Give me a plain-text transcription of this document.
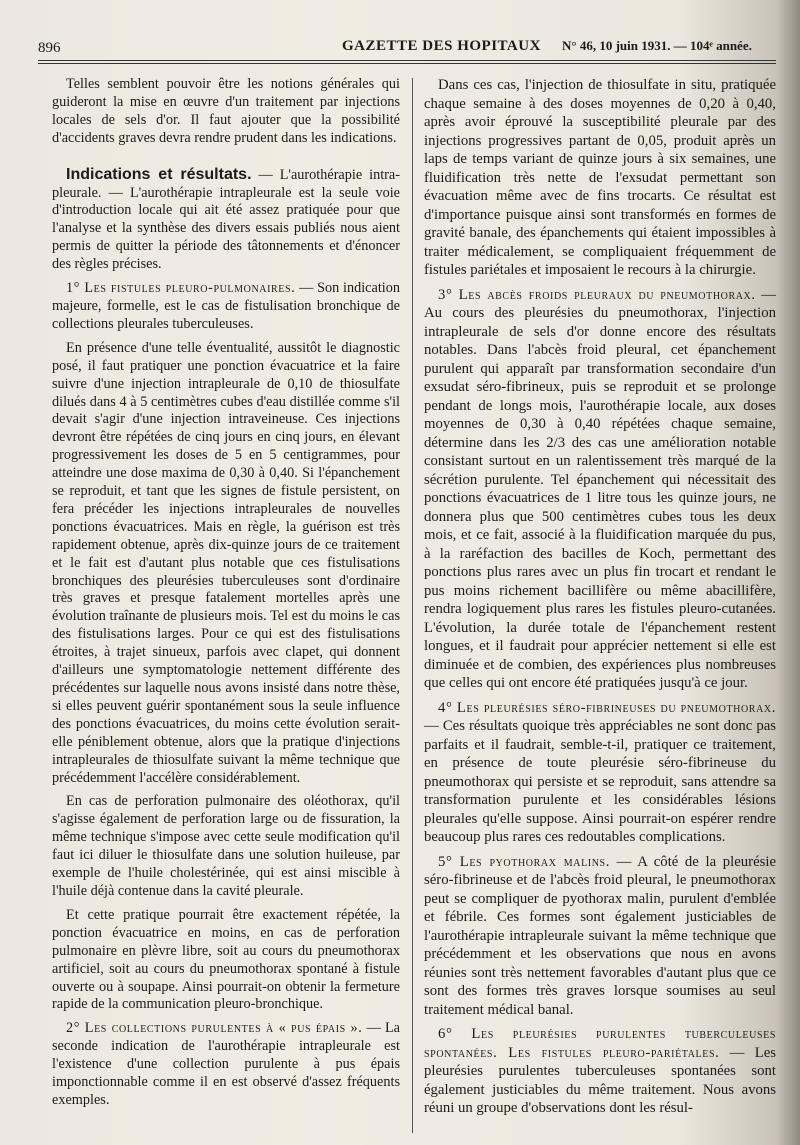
896	GAZETTE DES HOPITAUX N° 46, 10 juin 1931. — 104ᵉ année.

Telles semblent pouvoir être les notions générales qui guideront la mise en œuvre d'un traitement par injections locales de sels d'or. Il faut ajouter que la possibilité d'accidents graves devra rendre prudent dans les indications.

Indications et résultats. — L'aurothérapie intra-pleurale. — L'aurothérapie intrapleurale est la seule voie d'introduction locale qui ait été assez pratiquée pour que l'analyse et la synthèse des divers essais publiés nous aient permis de quitter la période des tâtonnements et d'énoncer des règles précises.

1° Les fistules pleuro-pulmonaires. — Son indication majeure, formelle, est le cas de fistulisation bronchique de collections pleurales tuberculeuses.

En présence d'une telle éventualité, aussitôt le diagnostic posé, il faut pratiquer une ponction évacuatrice et la faire suivre d'une injection intrapleurale de 0,10 de thiosulfate dilués dans 4 à 5 centimètres cubes d'eau distillée comme s'il devait s'agir d'une injection intraveineuse. Ces injections devront être répétées de cinq jours en cinq jours, en élevant progressivement les doses de 5 en 5 centigrammes, pour atteindre une dose maxima de 0,30 à 0,40. Si l'épanchement se reproduit, et tant que les signes de fistule persistent, on fera précéder les injections intrapleurales de nouvelles ponctions évacuatrices. Mais en règle, la guérison est très rapidement obtenue, après dix-quinze jours de ce traitement et le fait est d'autant plus notable que ces fistulisations bronchiques des pleurésies tuberculeuses sont d'ordinaire très graves et presque fatalement mortelles après une évolution traînante de plusieurs mois. Tel est du moins le cas des fistulisations larges. Pour ce qui est des fistulisations étroites, à trajet sinueux, parfois avec clapet, qui donnent d'ailleurs une symptomatologie nettement différente des précédentes sur laquelle nous avons insisté dans notre thèse, si elles peuvent guérir spontanément sous la seule influence des ponctions évacuatrices, du moins cette évolution serait-elle péniblement obtenue, alors que la pratique d'injections intrapleurales de thiosulfate suivant la même technique que précédemment l'accélère considérablement.

En cas de perforation pulmonaire des oléothorax, qu'il s'agisse également de perforation large ou de fissuration, la même technique s'impose avec cette seule modification qu'il faut ici diluer le thiosulfate dans une solution huileuse, par exemple de l'huile cholestérinée, qui est ainsi miscible à l'huile déjà contenue dans la cavité pleurale.

Et cette pratique pourrait être exactement répétée, la ponction évacuatrice en moins, en cas de perforation pulmonaire en plèvre libre, soit au cours du pneumothorax artificiel, soit au cours du pneumothorax spontané à fistule ouverte ou à soupape. Ainsi pourrait-on obtenir la fermeture rapide de la communication pleuro-bronchique.

2° Les collections purulentes à « pus épais ». — La seconde indication de l'aurothérapie intrapleurale est l'existence d'une collection purulente à pus épais imponctionnable comme il en est observé d'assez fréquents exemples.

Dans ces cas, l'injection de thiosulfate in situ, pratiquée chaque semaine à des doses moyennes de 0,20 à 0,40, après avoir éprouvé la susceptibilité pleurale par des injections progressives partant de 0,05, produit après un laps de temps variant de quinze jours à six semaines, une fluidification très nette de l'exsudat permettant son évacuation même avec de fins trocarts. Ce résultat est d'importance puisque ainsi sont transformés en formes de gravité banale, des épanchements qui étaient impossibles à traiter médicalement, se compliquaient fréquemment de fistules pariétales et imposaient le recours à la chirurgie.

3° Les abcès froids pleuraux du pneumothorax. — Au cours des pleurésies du pneumothorax, l'injection intrapleurale de sels d'or donne encore des résultats notables. Dans l'abcès froid pleural, cet épanchement purulent qui apparaît par transformation secondaire d'un exsudat séro-fibrineux, puis se reproduit et se prolonge pendant de longs mois, l'aurothérapie locale, aux doses moyennes de 0,30 à 0,40 répétées chaque semaine, détermine dans les 2/3 des cas une amélioration notable consistant surtout en un ralentissement très marqué de la sécrétion purulente. Tel épanchement qui nécessitait des ponctions évacuatrices de 1 litre tous les quinze jours, ne donnera plus que 500 centimètres cubes tous les deux mois, et ce fait, associé à la fluidification marquée du pus, à la raréfaction des bacilles de Koch, permettant des ponctions plus rares avec un plus fin trocart et rendant le pus moins richement bacillifère ou même abacillifère, rendra logiquement plus rares les fistules pleuro-cutanées. L'évolution, la durée totale de l'épanchement restent longues, et il faudrait pour apprécier nettement si elle est diminuée et de combien, des expériences plus nombreuses que celles qui ont encore été pratiquées jusqu'à ce jour.

4° Les pleurésies séro-fibrineuses du pneumothorax. — Ces résultats quoique très appréciables ne sont donc pas parfaits et il faudrait, semble-t-il, pratiquer ce traitement, en présence de toute pleurésie séro-fibrineuse du pneumothorax qui persiste et se reproduit, sans attendre sa transformation purulente et les considérables lésions pleurales qu'elle suppose. Ainsi pourrait-on espérer rendre beaucoup plus rares ces redoutables complications.

5° Les pyothorax malins. — A côté de la pleurésie séro-fibrineuse et de l'abcès froid pleural, le pneumothorax peut se compliquer de pyothorax malin, purulent d'emblée et fébrile. Ces formes sont également justiciables de l'aurothérapie intrapleurale suivant la même technique que précédemment et les observations que nous en avons réunies sont très nettement favorables d'autant plus que ce sont des formes très graves lorsque soumises au seul traitement médical banal.

6° Les pleurésies purulentes tuberculeuses spontanées. Les fistules pleuro-pariétales. — Les pleurésies purulentes tuberculeuses spontanées sont également justiciables du même traitement. Nous avons réuni un groupe d'observations dont les résul-
